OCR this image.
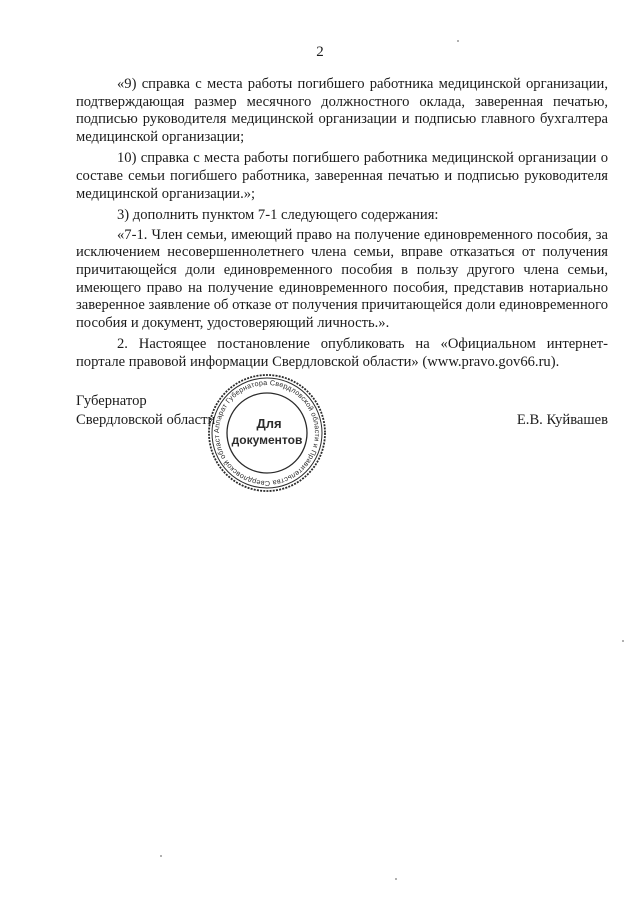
2

«9) справка с места работы погибшего работника медицинской организации, подтверждающая размер месячного должностного оклада, заверенная печатью, подписью руководителя медицинской организации и подписью главного бухгалтера медицинской организации;

10) справка с места работы погибшего работника медицинской организации о составе семьи погибшего работника, заверенная печатью и подписью руководителя медицинской организации.»;

3) дополнить пунктом 7-1 следующего содержания:

«7-1. Член семьи, имеющий право на получение единовременного пособия, за исключением несовершеннолетнего члена семьи, вправе отказаться от получения причитающейся доли единовременного пособия в пользу другого члена семьи, имеющего право на получение единовременного пособия, представив нотариально заверенное заявление об отказе от получения причитающейся доли единовременного пособия и документ, удостоверяющий личность.».

2. Настоящее постановление опубликовать на «Официальном интернет-портале правовой информации Свердловской области» (www.pravo.gov66.ru).

Губернатор
Свердловской области	Е.В. Куйвашев
Аппарат Губернатора Свердловской области и Правительства Свердловской област
Для
документов
